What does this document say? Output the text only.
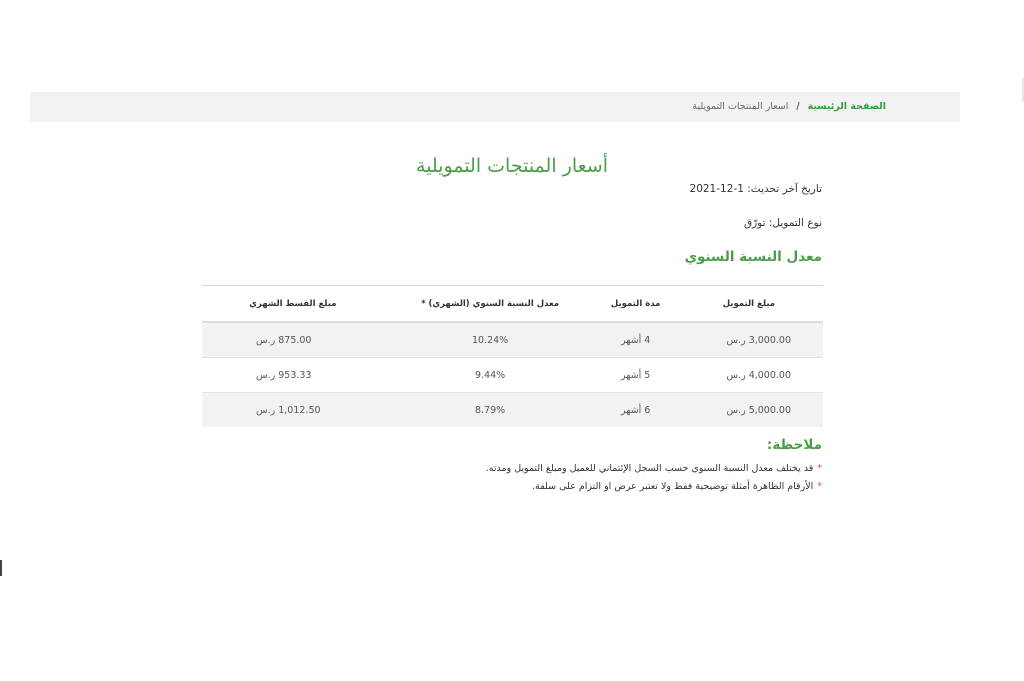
الصفحة الرئيسية/اسعار المنتجات التمويلية
أسعار المنتجات التمويلية
تاريخ آخر تحديث: 1-12-2021
نوع التمويل: تورّق
معدل النسبة السنوي
مبلغ التمويل	مدة التمويل	معدل النسبة السنوي (الشهري) *	مبلغ القسط الشهري
3,000.00 ر.س	4 أشهر	10.24%	875.00 ر.س
4,000.00 ر.س	5 أشهر	9.44%	953.33 ر.س
5,000.00 ر.س	6 أشهر	8.79%	1,012.50 ر.س
ملاحظة:
*قد يختلف معدل النسبة السنوي حسب السجل الإئتماني للعميل ومبلغ التمويل ومدته.
*الأرقام الظاهرة أمثلة توضيحية فقط ولا تعتبر عرض او التزام على سلفة.
